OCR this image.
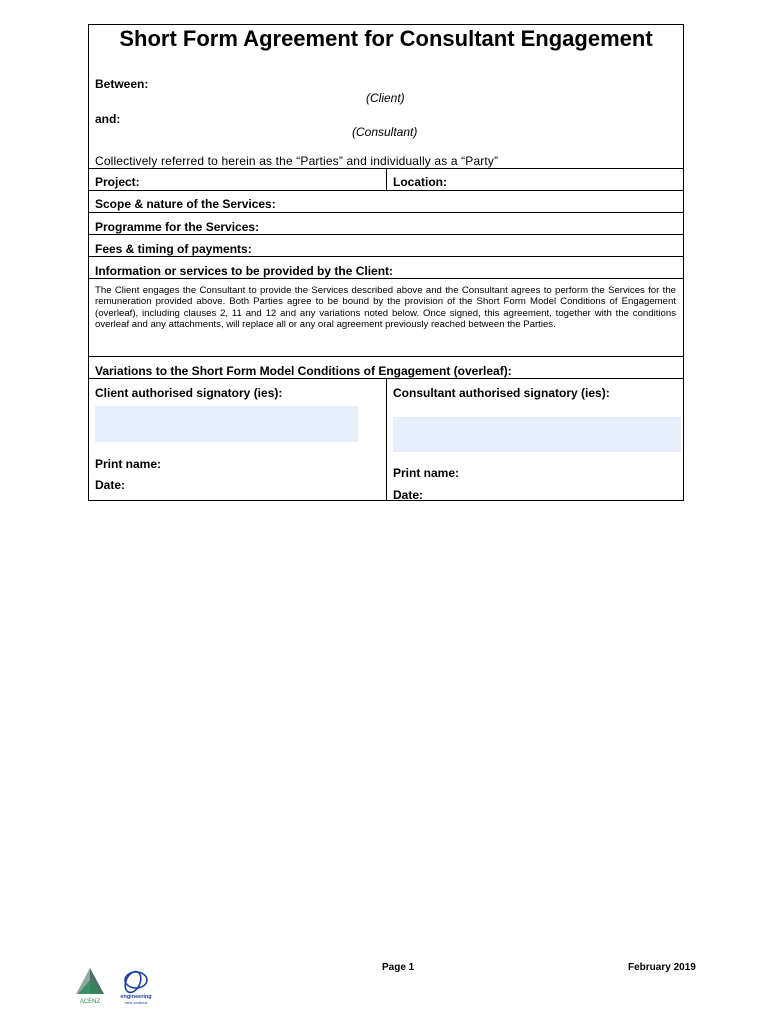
Short Form Agreement for Consultant Engagement
Between:
(Client)
and:
(Consultant)
Collectively referred to herein as the “Parties” and individually as a “Party”
Project:	Location:
Scope & nature of the Services:
Programme for the Services:
Fees & timing of payments:
Information or services to be provided by the Client:
The Client engages the Consultant to provide the Services described above and the Consultant agrees to perform the Services for the remuneration provided above. Both Parties agree to be bound by the provision of the Short Form Model Conditions of Engagement (overleaf), including clauses 2, 11 and 12 and any variations noted below. Once signed, this agreement, together with the conditions overleaf and any attachments, will replace all or any oral agreement previously reached between the Parties.
Variations to the Short Form Model Conditions of Engagement (overleaf):
Client authorised signatory (ies):
Print name:
Date:
Consultant authorised signatory (ies):
Print name:
Date:
ACENZ
engineering
new zealand
Page 1	February 2019
